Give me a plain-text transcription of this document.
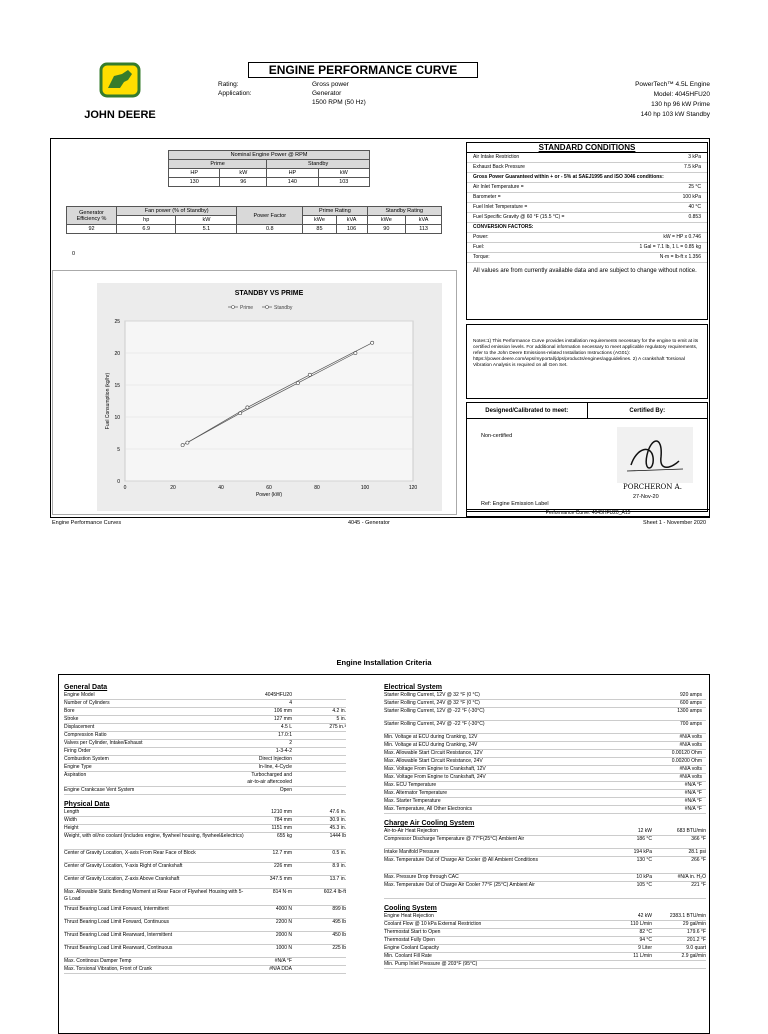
JOHN DEERE
ENGINE PERFORMANCE CURVE
Rating:
Application:
Gross power
Generator
1500 RPM (50 Hz)
PowerTech™ 4.5L Engine
Model: 4045HFU20
130 hp 96 kW Prime
140 hp 103 kW Standby
Nominal Engine Power @ RPM			
Prime		Standby	
HP	kW	HP	kW
130	96	140	103
Generator Efficiency %	Fan power (% of Standby)		Power Factor	Prime Rating		Standby Rating	
	hp	kW		kWe	kVA	kWe	kVA
92	6.9	5.1	0.8	85	106	90	113
0
STANDBY VS PRIME
Prime	Standby
0
5
10
15
20
25
0	20	40	60	80	100	120
Power (kW)
Fuel Consumption (kg/hr)
STANDARD CONDITIONS
Air Intake Restriction	3 kPa
Exhaust Back Pressure	7.5 kPa
Gross Power Guaranteed within + or - 5% at SAEJ1995 and ISO 3046 conditions:
Air Inlet Temperature =	25 °C
Barometer =	100 kPa
Fuel Inlet Temperature =	40 °C
Fuel Specific Gravity @ 60 °F (15.5 °C) =	0.853
CONVERSION FACTORS:
Power:	kW = HP x 0.746
Fuel:	1 Gal = 7.1 lb, 1 L = 0.85 kg
Torque:	N·m = lb-ft x 1.356
All values are from currently available data and are subject to change without notice.
Notes:1) This Performance Curve provides installation requirements necessary for the engine to emit at its certified emission levels. For additional information necessary to meet applicable regulatory requirements, refer to the John Deere Emissions-related Installation Instructions (AG01): https://power.deere.com/wps/myportal/jdps/products/engines/agguidelines. 2) A crankshaft Torsional Vibration Analysis is required on all Gen Set.
Designed/Calibrated to meet:	Certified By:
Non-certified
PORCHERON A.
27-Nov-20
Ref: Engine Emission Label
Performance Curve: 4045HFU20_A15
Engine Performance Curves	4045 - Generator	Sheet 1 - November 2020
Engine Installation Criteria
General Data
Engine Model	4045HFU20
Number of Cylinders	4
Bore	106 mm	4.2 in.
Stroke	127 mm	5 in.
Displacement	4.5 L	275 in.³
Compression Ratio	17.0:1
Valves per Cylinder, Intake/Exhaust	2
Firing Order	1-3-4-2
Combustion System	Direct Injection
Engine Type	In-line, 4-Cycle
Aspiration	Turbocharged and air-to-air aftercooled
Engine Crankcase Vent System	Open
Physical Data
Length	1210 mm	47.6 in.
Width	784 mm	30.9 in.
Height	1151 mm	45.3 in.
Weight, with oil/no coolant (includes engine, flywheel housing, flywheel&electrics)	655 kg	1444 lb
Center of Gravity Location, X-axis From Rear Face of Block	12.7 mm	0.5 in.
Center of Gravity Location, Y-axis Right of Crankshaft	226 mm	8.9 in.
Center of Gravity Location, Z-axis Above Crankshaft	347.5 mm	13.7 in.
Max. Allowable Static Bending Moment at Rear Face of Flywheel Housing with 5-G Load
814 N·m	602.4 lb-ft
Thrust Bearing Load Limit Forward, Intermittent	4000 N	899 lb
Thrust Bearing Load Limit Forward, Continuous	2200 N	495 lb
Thrust Bearing Load Limit Rearward, Intermittent	2000 N	450 lb
Thrust Bearing Load Limit Rearward, Continuous	1000 N	225 lb
Max. Continous Damper Temp	#N/A °F
Max. Torsional Vibration, Front of Crank	#N/A DDA
Electrical System
Starter Rolling Current, 12V @ 32 °F (0 °C)	920 amps
Starter Rolling Current, 24V @ 32 °F (0 °C)	600 amps
Starter Rolling Current, 12V @ -22 °F (-30°C)	1300 amps
Starter Rolling Current, 24V @ -22 °F (-30°C)	700 amps
Min. Voltage at ECU during Cranking, 12V	#N/A volts
Min. Voltage at ECU during Cranking, 24V	#N/A volts
Max. Allowable Start Circuit Resistance, 12V	0.00120 Ohm
Max. Allowable Start Circuit Resistance, 24V	0.00200 Ohm
Max. Voltage From Engine to Crankshaft, 12V	#N/A volts
Max. Voltage From Engine to Crankshaft, 24V	#N/A volts
Max. ECU Temperature	#N/A °F
Max. Alternator Temperature	#N/A °F
Max. Starter Temperature	#N/A °F
Max. Temperature, All Other Electronics	#N/A °F
Charge Air Cooling System
Air-to-Air Heat Rejection	12 kW	683 BTU/min
Compressor Discharge Temperature @ 77°F(25°C) Ambient Air	186 °C	366 °F
Intake Manifold Pressure	194 kPa	28.1 psi
Max. Temperature Out of Charge Air Cooler @ All Ambient Conditions	130 °C	266 °F
Max. Pressure Drop through CAC	10 kPa	#N/A in. H₂O
Max. Temperature Out of Charge Air Cooler 77°F (25°C) Ambient Air	105 °C	221 °F
Cooling System
Engine Heat Rejection	42 kW	2383.1 BTU/min
Coolant Flow @ 10 kPa External Restriction	110 L/min	29 gal/min
Thermostat Start to Open	82 °C	179.6 °F
Thermostat Fully Open	94 °C	201.2 °F
Engine Coolant Capacity	9 Liter	9.0 quart
Min. Coolant Fill Rate	11 L/min	2.9 gal/min
Min. Pump Inlet Pressure @ 203°F (95°C)
